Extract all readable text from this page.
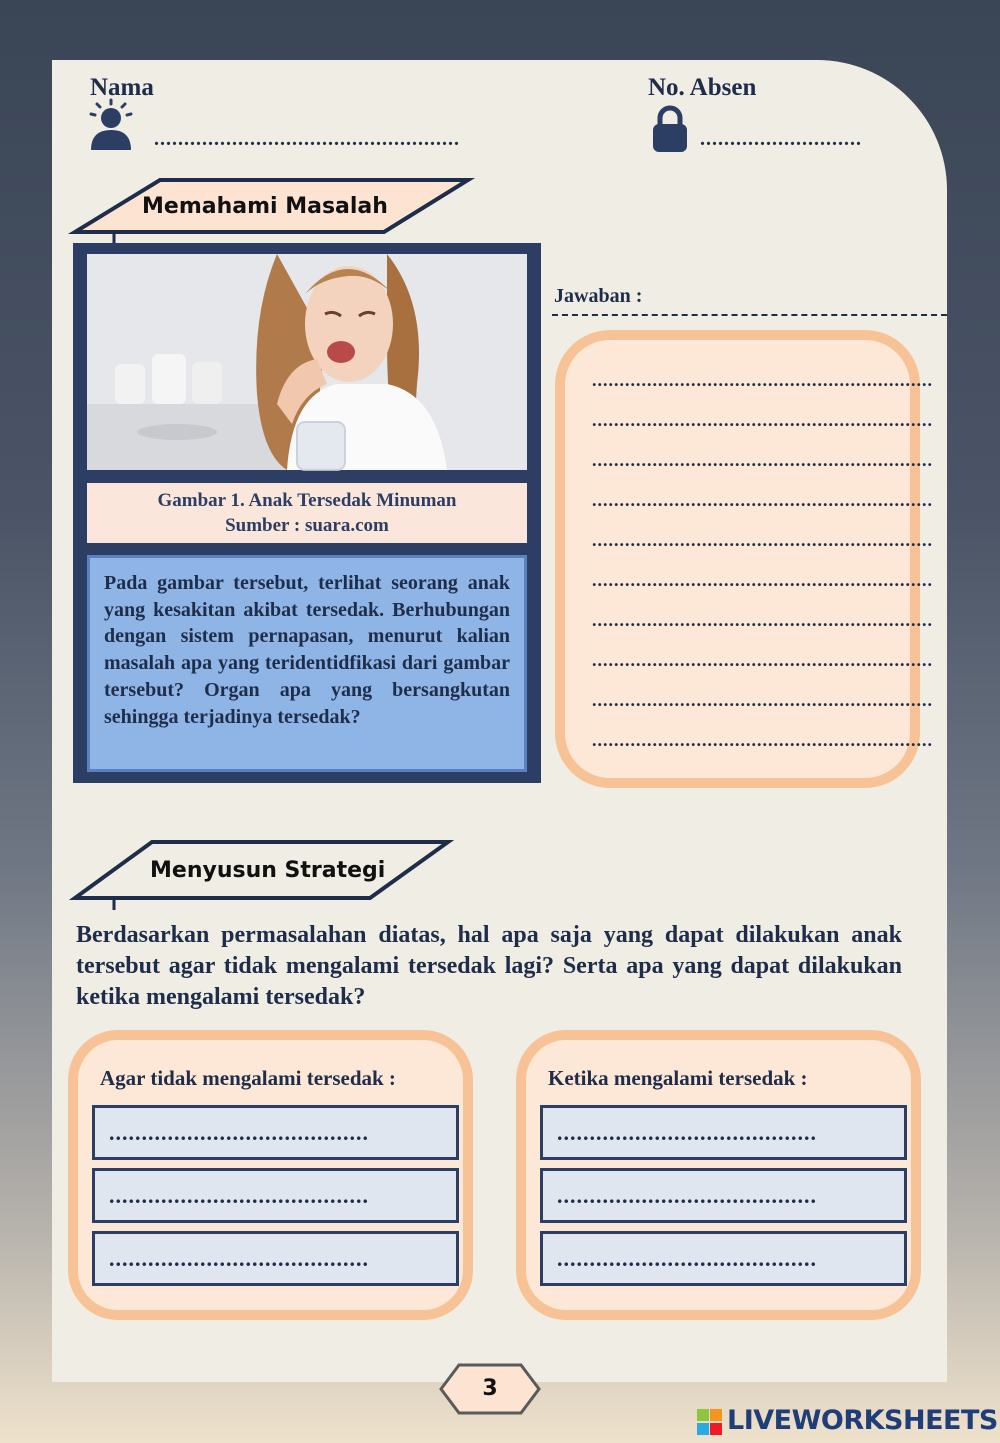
Nama
...................................................
No. Absen
...........................
Memahami Masalah
Gambar 1. Anak Tersedak Minuman
Sumber : suara.com
Pada gambar tersebut, terlihat seorang anak yang kesakitan akibat tersedak. Berhubungan dengan sistem pernapasan, menurut kalian masalah apa yang teridentidfikasi dari gambar tersebut? Organ apa yang bersangkutan sehingga terjadinya tersedak?
Jawaban :
..............................................................
..............................................................
..............................................................
..............................................................
..............................................................
..............................................................
..............................................................
..............................................................
..............................................................
..............................................................
Menyusun Strategi
Berdasarkan permasalahan diatas, hal apa saja yang dapat dilakukan anak tersebut agar tidak mengalami tersedak lagi? Serta apa yang dapat dilakukan ketika mengalami tersedak?
Agar tidak mengalami tersedak :
........................................
........................................
........................................
Ketika mengalami tersedak :
........................................
........................................
........................................
3
LIVEWORKSHEETS
